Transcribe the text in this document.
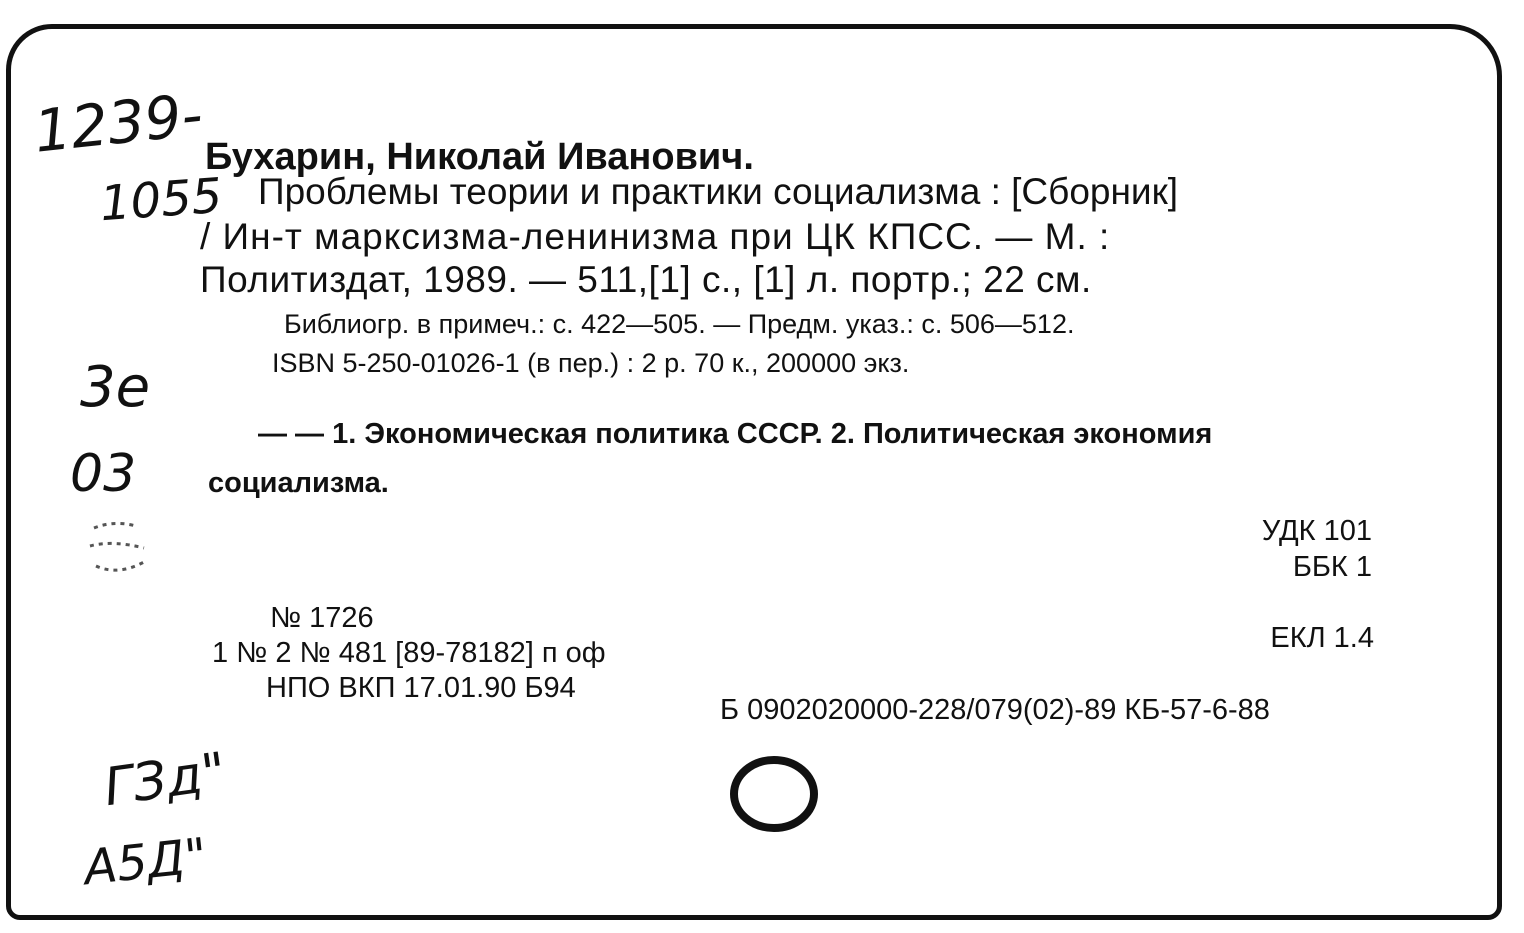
1239-
1055
3e
03
ГЗд"
А5Д"
Бухарин, Николай Иванович.
Проблемы теории и практики социализма : [Сборник]
/ Ин-т марксизма-ленинизма при ЦК КПСС. — М. :
Политиздат, 1989. — 511,[1] с., [1] л. портр.; 22 см.
Библиогр. в примеч.: с. 422—505. — Предм. указ.: с. 506—512.
ISBN 5-250-01026-1 (в пер.) : 2 р. 70 к., 200000 экз.
— — 1. Экономическая политика СССР. 2. Политическая экономия
социализма.
УДК 101
ББК 1
№ 1726
1 № 2 № 481 [89-78182] п оф
НПО ВКП 17.01.90 Б94
ЕКЛ 1.4
Б 0902020000-228/079(02)-89 КБ-57-6-88
